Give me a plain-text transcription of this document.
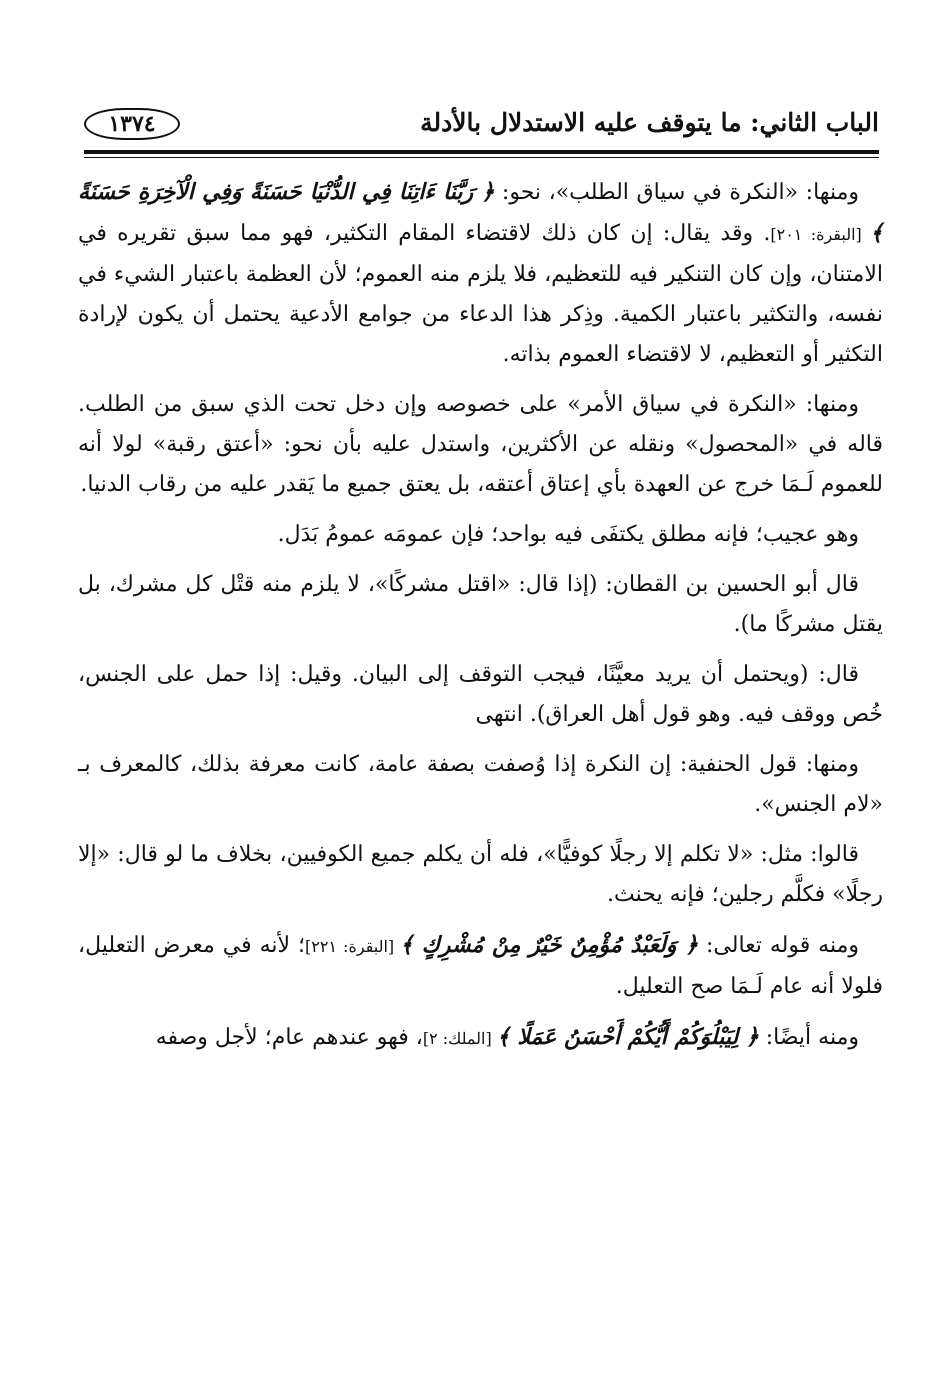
الباب الثاني: ما يتوقف عليه الاستدلال بالأدلة
١٣٧٤

ومنها: «النكرة في سياق الطلب»، نحو: ﴿ رَبَّنَا ءَاتِنَا فِي الدُّنْيَا حَسَنَةً وَفِي الْآخِرَةِ حَسَنَةً ﴾ [البقرة: ٢٠١]. وقد يقال: إن كان ذلك لاقتضاء المقام التكثير، فهو مما سبق تقريره في الامتنان، وإن كان التنكير فيه للتعظيم، فلا يلزم منه العموم؛ لأن العظمة باعتبار الشيء في نفسه، والتكثير باعتبار الكمية. وذِكر هذا الدعاء من جوامع الأدعية يحتمل أن يكون لإرادة التكثير أو التعظيم، لا لاقتضاء العموم بذاته.

ومنها: «النكرة في سياق الأمر» على خصوصه وإن دخل تحت الذي سبق من الطلب. قاله في «المحصول» ونقله عن الأكثرين، واستدل عليه بأن نحو: «أعتق رقبة» لولا أنه للعموم لَـمَا خرج عن العهدة بأي إعتاق أعتقه، بل يعتق جميع ما يَقدر عليه من رقاب الدنيا.

وهو عجيب؛ فإنه مطلق يكتفَى فيه بواحد؛ فإن عمومَه عمومُ بَدَل.

قال أبو الحسين بن القطان: (إذا قال: «اقتل مشركًا»، لا يلزم منه قتْل كل مشرك، بل يقتل مشركًا ما).

قال: (ويحتمل أن يريد معيَّنًا، فيجب التوقف إلى البيان. وقيل: إذا حمل على الجنس، خُص ووقف فيه. وهو قول أهل العراق). انتهى

ومنها: قول الحنفية: إن النكرة إذا وُصفت بصفة عامة، كانت معرفة بذلك، كالمعرف بـ «لام الجنس».

قالوا: مثل: «لا تكلم إلا رجلًا كوفيًّا»، فله أن يكلم جميع الكوفيين، بخلاف ما لو قال: «إلا رجلًا» فكلَّم رجلين؛ فإنه يحنث.

ومنه قوله تعالى: ﴿ وَلَعَبْدٌ مُؤْمِنٌ خَيْرٌ مِنْ مُشْرِكٍ ﴾ [البقرة: ٢٢١]؛ لأنه في معرض التعليل، فلولا أنه عام لَـمَا صح التعليل.

ومنه أيضًا: ﴿ لِيَبْلُوَكُمْ أَيُّكُمْ أَحْسَنُ عَمَلًا ﴾ [الملك: ٢]، فهو عندهم عام؛ لأجل وصفه
